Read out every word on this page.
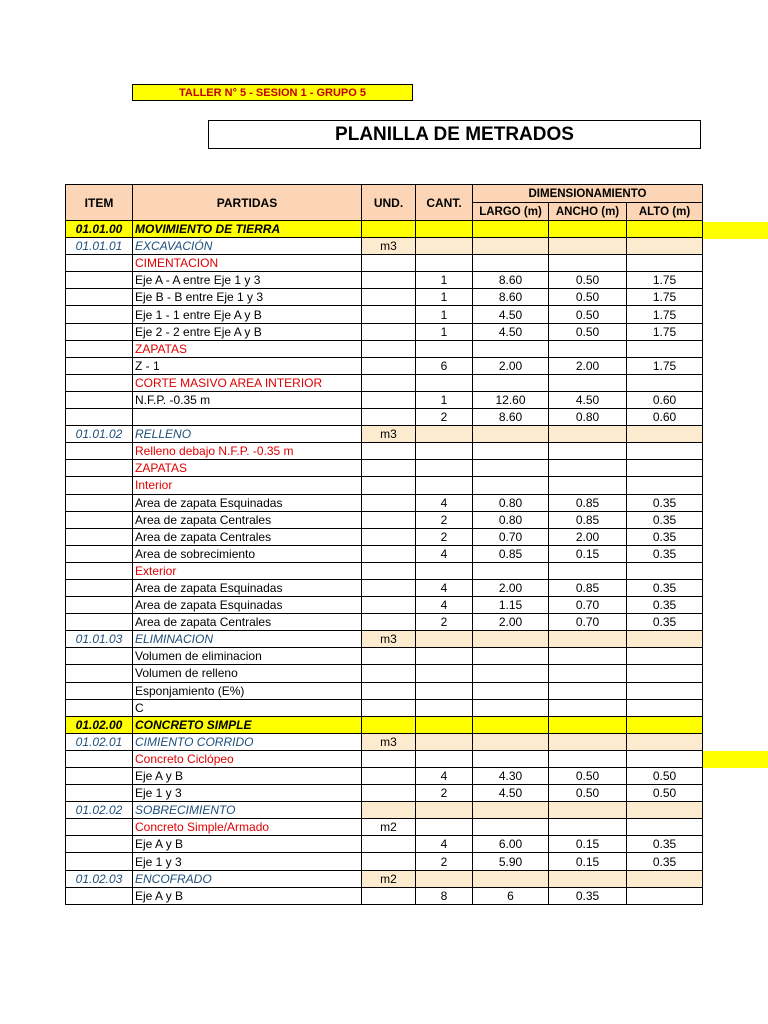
TALLER N° 5 - SESION 1 - GRUPO 5
PLANILLA DE METRADOS
ITEM	PARTIDAS	UND.	CANT.	DIMENSIONAMIENTO		
				LARGO (m)	ANCHO (m)	ALTO (m)
01.01.00	MOVIMIENTO DE TIERRA					
01.01.01	EXCAVACIÓN	m3				
	CIMENTACION					
	Eje A - A entre Eje 1 y 3		1	8.60	0.50	1.75
	Eje B - B entre Eje 1 y 3		1	8.60	0.50	1.75
	Eje 1 - 1 entre Eje A y B		1	4.50	0.50	1.75
	Eje 2 - 2 entre Eje A y B		1	4.50	0.50	1.75
	ZAPATAS					
	Z - 1		6	2.00	2.00	1.75
	CORTE MASIVO AREA INTERIOR					
	N.F.P. -0.35 m		1	12.60	4.50	0.60
			2	8.60	0.80	0.60
01.01.02	RELLENO	m3				
	Relleno debajo N.F.P. -0.35 m					
	ZAPATAS					
	Interior					
	Area de zapata Esquinadas		4	0.80	0.85	0.35
	Area de zapata Centrales		2	0.80	0.85	0.35
	Area de zapata Centrales		2	0.70	2.00	0.35
	Area de sobrecimiento		4	0.85	0.15	0.35
	Exterior					
	Area de zapata Esquinadas		4	2.00	0.85	0.35
	Area de zapata Esquinadas		4	1.15	0.70	0.35
	Area de zapata Centrales		2	2.00	0.70	0.35
01.01.03	ELIMINACION	m3				
	Volumen de eliminacion					
	Volumen de relleno					
	Esponjamiento (E%)					
	C					
01.02.00	CONCRETO SIMPLE					
01.02.01	CIMIENTO CORRIDO	m3				
	Concreto Ciclópeo					
	Eje A y B		4	4.30	0.50	0.50
	Eje 1 y 3		2	4.50	0.50	0.50
01.02.02	SOBRECIMIENTO					
	Concreto Simple/Armado	m2				
	Eje A y B		4	6.00	0.15	0.35
	Eje 1 y 3		2	5.90	0.15	0.35
01.02.03	ENCOFRADO	m2				
	Eje A y B		8	6	0.35	
